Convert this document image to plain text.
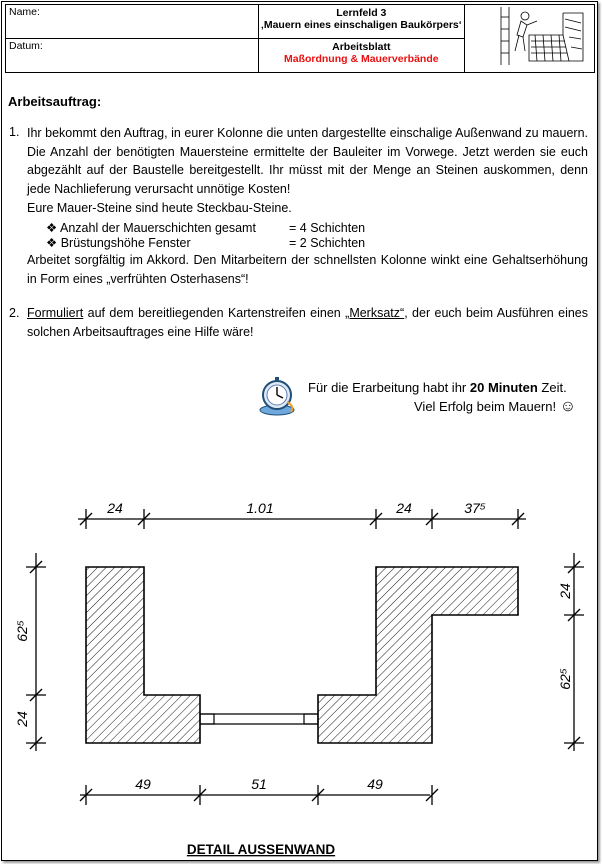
Name:	Lernfeld 3
‚Mauern eines einschaligen Baukörpers‘

Datum:	Arbeitsblatt
Maßordnung & Mauerverbände	
Arbeitsauftrag:
1. Ihr bekommt den Auftrag, in eurer Kolonne die unten dargestellte einschalige Außenwand zu mauern. Die Anzahl der benötigten Mauersteine ermittelte der Bauleiter im Vorwege. Jetzt werden sie euch abgezählt auf der Baustelle bereitgestellt. Ihr müsst mit der Menge an Steinen auskommen, denn jede Nachlieferung verursacht unnötige Kosten!
Eure Mauer-Steine sind heute Steckbau-Steine.
❖ Anzahl der Mauerschichten gesamt	= 4 Schichten
❖ Brüstungshöhe Fenster	= 2 Schichten
Arbeitet sorgfältig im Akkord. Den Mitarbeitern der schnellsten Kolonne winkt eine Gehaltserhöhung in Form eines „verfrühten Osterhasens“!
2. Formuliert auf dem bereitliegenden Kartenstreifen einen „Merksatz“, der euch beim Ausführen eines solchen Arbeitsauftrages eine Hilfe wäre!
Für die Erarbeitung habt ihr 20 Minuten Zeit.
Viel Erfolg beim Mauern! ☺
24	1.01	24	37⁵
62⁵
24
24
62⁵
49	51	49
DETAIL AUSSENWAND
